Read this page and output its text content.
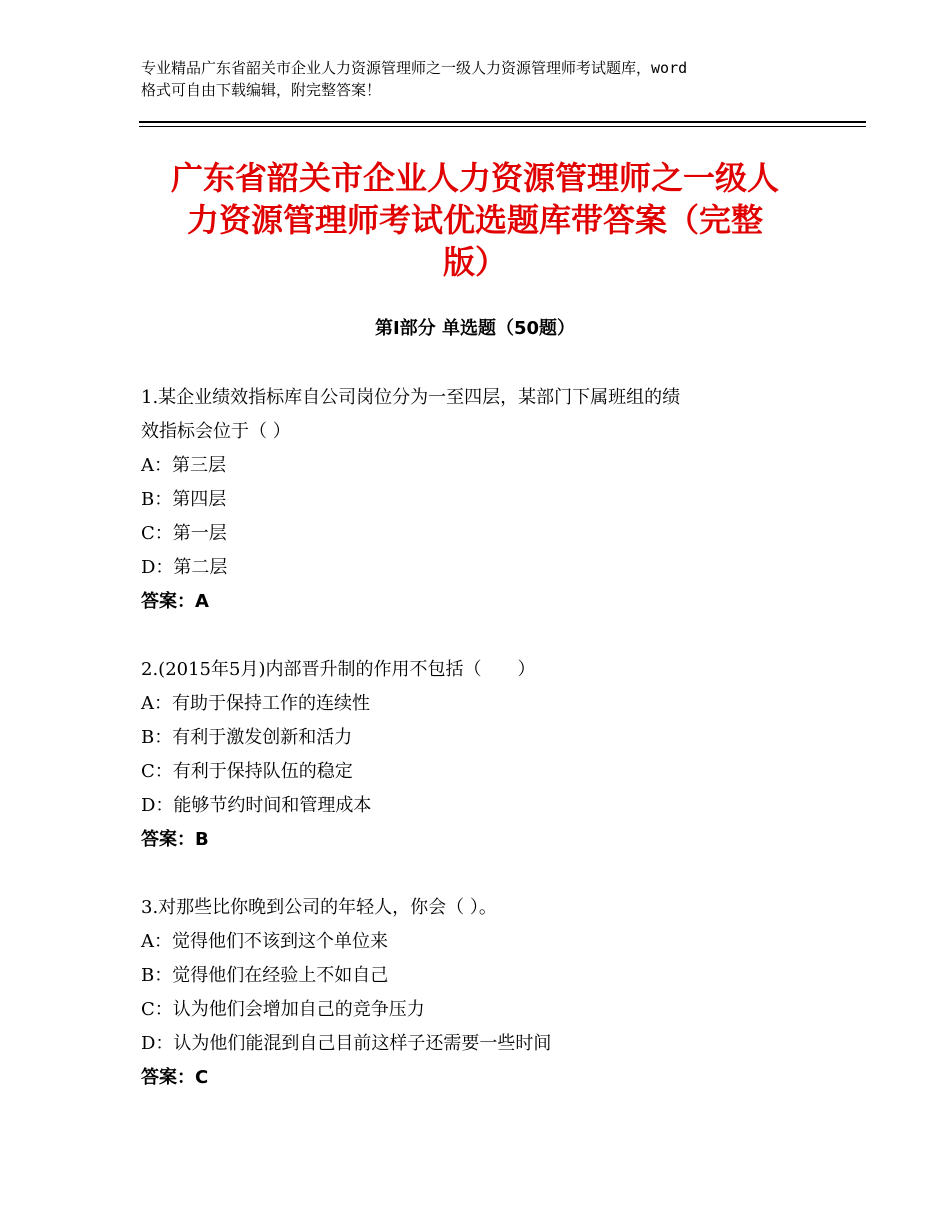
专业精品广东省韶关市企业人力资源管理师之一级人力资源管理师考试题库，word
格式可自由下载编辑，附完整答案！
广东省韶关市企业人力资源管理师之一级人
力资源管理师考试优选题库带答案（完整
版）
第Ⅰ部分 单选题（50题）
1.某企业绩效指标库自公司岗位分为一至四层，某部门下属班组的绩
效指标会位于（ ）
A：第三层
B：第四层
C：第一层
D：第二层
答案：A
2.(2015年5月)内部晋升制的作用不包括（　　）
A：有助于保持工作的连续性
B：有利于激发创新和活力
C：有利于保持队伍的稳定
D：能够节约时间和管理成本
答案：B
3.对那些比你晚到公司的年轻人，你会（ ）。
A：觉得他们不该到这个单位来
B：觉得他们在经验上不如自己
C：认为他们会增加自己的竞争压力
D：认为他们能混到自己目前这样子还需要一些时间
答案：C
